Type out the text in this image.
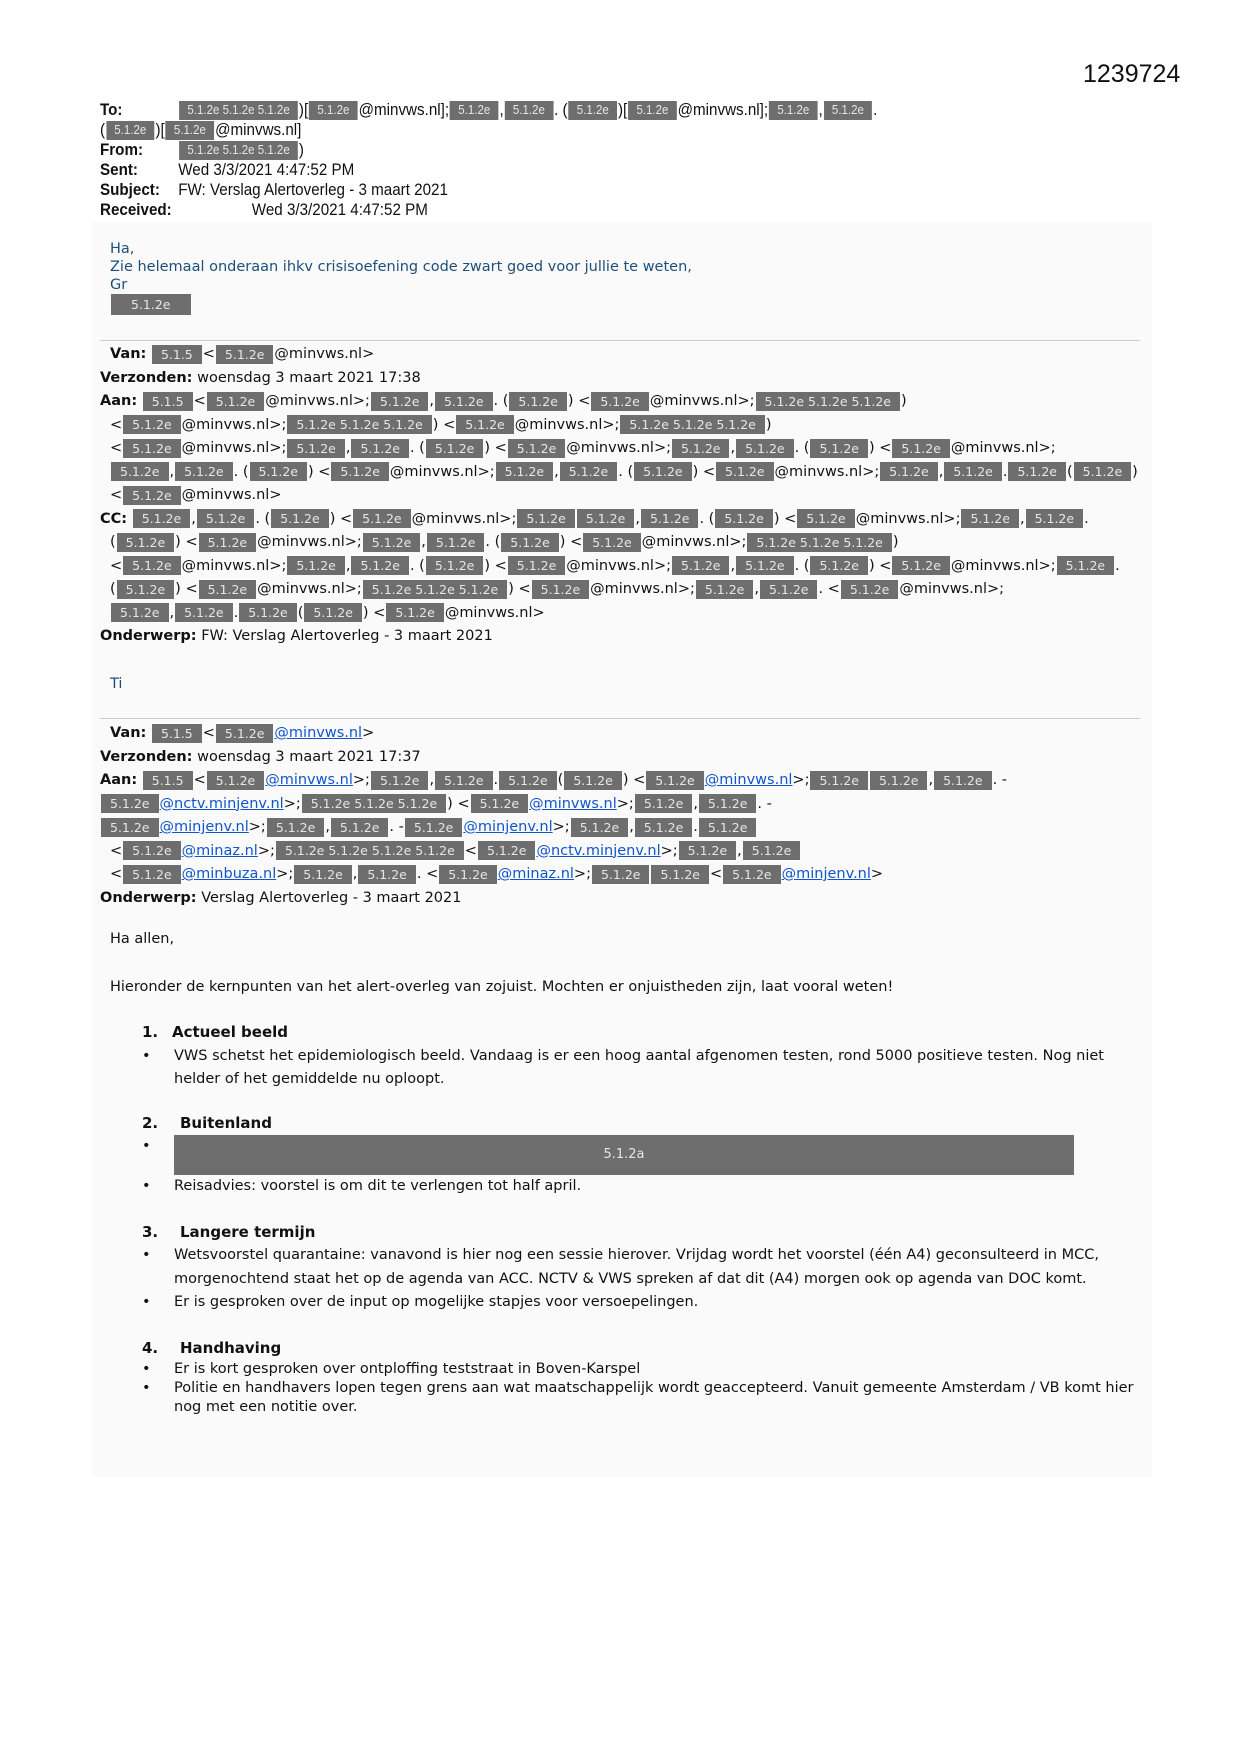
1239724
To:	5.1.2e 5.1.2e 5.1.2e )[ 5.1.2e @minvws.nl]; 5.1.2e , 5.1.2e . ( 5.1.2e )[ 5.1.2e @minvws.nl]; 5.1.2e , 5.1.2e .
( 5.1.2e )[ 5.1.2e @minvws.nl]
From:	5.1.2e 5.1.2e 5.1.2e )
Sent:	Wed 3/3/2021 4:47:52 PM
Subject:	FW: Verslag Alertoverleg - 3 maart 2021
Received:	Wed 3/3/2021 4:47:52 PM
Ha,
Zie helemaal onderaan ihkv crisisoefening code zwart goed voor jullie te weten,
Gr
5.1.2e
Van: 5.1.5 < 5.1.2e @minvws.nl>
Verzonden: woensdag 3 maart 2021 17:38
Aan: 5.1.5 < 5.1.2e @minvws.nl>; 5.1.2e , 5.1.2e . ( 5.1.2e ) < 5.1.2e @minvws.nl>; 5.1.2e 5.1.2e 5.1.2e )
< 5.1.2e @minvws.nl>; 5.1.2e 5.1.2e 5.1.2e ) < 5.1.2e @minvws.nl>; 5.1.2e 5.1.2e 5.1.2e )
< 5.1.2e @minvws.nl>; 5.1.2e , 5.1.2e . ( 5.1.2e ) < 5.1.2e @minvws.nl>; 5.1.2e , 5.1.2e . ( 5.1.2e ) < 5.1.2e @minvws.nl>;
5.1.2e , 5.1.2e . ( 5.1.2e ) < 5.1.2e @minvws.nl>; 5.1.2e , 5.1.2e . ( 5.1.2e ) < 5.1.2e @minvws.nl>; 5.1.2e , 5.1.2e . 5.1.2e ( 5.1.2e )
< 5.1.2e @minvws.nl>
CC: 5.1.2e , 5.1.2e . ( 5.1.2e ) < 5.1.2e @minvws.nl>; 5.1.2e 5.1.2e , 5.1.2e . ( 5.1.2e ) < 5.1.2e @minvws.nl>; 5.1.2e , 5.1.2e .
( 5.1.2e ) < 5.1.2e @minvws.nl>; 5.1.2e , 5.1.2e . ( 5.1.2e ) < 5.1.2e @minvws.nl>; 5.1.2e 5.1.2e 5.1.2e )
< 5.1.2e @minvws.nl>; 5.1.2e , 5.1.2e . ( 5.1.2e ) < 5.1.2e @minvws.nl>; 5.1.2e , 5.1.2e . ( 5.1.2e ) < 5.1.2e @minvws.nl>; 5.1.2e .
( 5.1.2e ) < 5.1.2e @minvws.nl>; 5.1.2e 5.1.2e 5.1.2e ) < 5.1.2e @minvws.nl>; 5.1.2e , 5.1.2e . < 5.1.2e @minvws.nl>;
5.1.2e , 5.1.2e . 5.1.2e ( 5.1.2e ) < 5.1.2e @minvws.nl>
Onderwerp: FW: Verslag Alertoverleg - 3 maart 2021
Ti
Van: 5.1.5 < 5.1.2e @minvws.nl>
Verzonden: woensdag 3 maart 2021 17:37
Aan: 5.1.5 < 5.1.2e @minvws.nl>; 5.1.2e , 5.1.2e . 5.1.2e ( 5.1.2e ) < 5.1.2e @minvws.nl>; 5.1.2e 5.1.2e , 5.1.2e . -
5.1.2e @nctv.minjenv.nl>; 5.1.2e 5.1.2e 5.1.2e ) < 5.1.2e @minvws.nl>; 5.1.2e , 5.1.2e . -
5.1.2e @minjenv.nl>; 5.1.2e , 5.1.2e . - 5.1.2e @minjenv.nl>; 5.1.2e , 5.1.2e . 5.1.2e
< 5.1.2e @minaz.nl>; 5.1.2e 5.1.2e 5.1.2e 5.1.2e < 5.1.2e @nctv.minjenv.nl>; 5.1.2e , 5.1.2e
< 5.1.2e @minbuza.nl>; 5.1.2e , 5.1.2e . < 5.1.2e @minaz.nl>; 5.1.2e 5.1.2e < 5.1.2e @minjenv.nl>
Onderwerp: Verslag Alertoverleg - 3 maart 2021

Ha allen,

Hieronder de kernpunten van het alert-overleg van zojuist. Mochten er onjuistheden zijn, laat vooral weten!

1. Actueel beeld
• VWS schetst het epidemiologisch beeld. Vandaag is er een hoog aantal afgenomen testen, rond 5000 positieve testen. Nog niet helder of het gemiddelde nu oploopt.
2. Buitenland
• 5.1.2a
• Reisadvies: voorstel is om dit te verlengen tot half april.
3. Langere termijn
• Wetsvoorstel quarantaine: vanavond is hier nog een sessie hierover. Vrijdag wordt het voorstel (één A4) geconsulteerd in MCC, morgenochtend staat het op de agenda van ACC. NCTV & VWS spreken af dat dit (A4) morgen ook op agenda van DOC komt.
• Er is gesproken over de input op mogelijke stapjes voor versoepelingen.
4. Handhaving
• Er is kort gesproken over ontploffing teststraat in Boven-Karspel
• Politie en handhavers lopen tegen grens aan wat maatschappelijk wordt geaccepteerd. Vanuit gemeente Amsterdam / VB komt hier nog met een notitie over.
